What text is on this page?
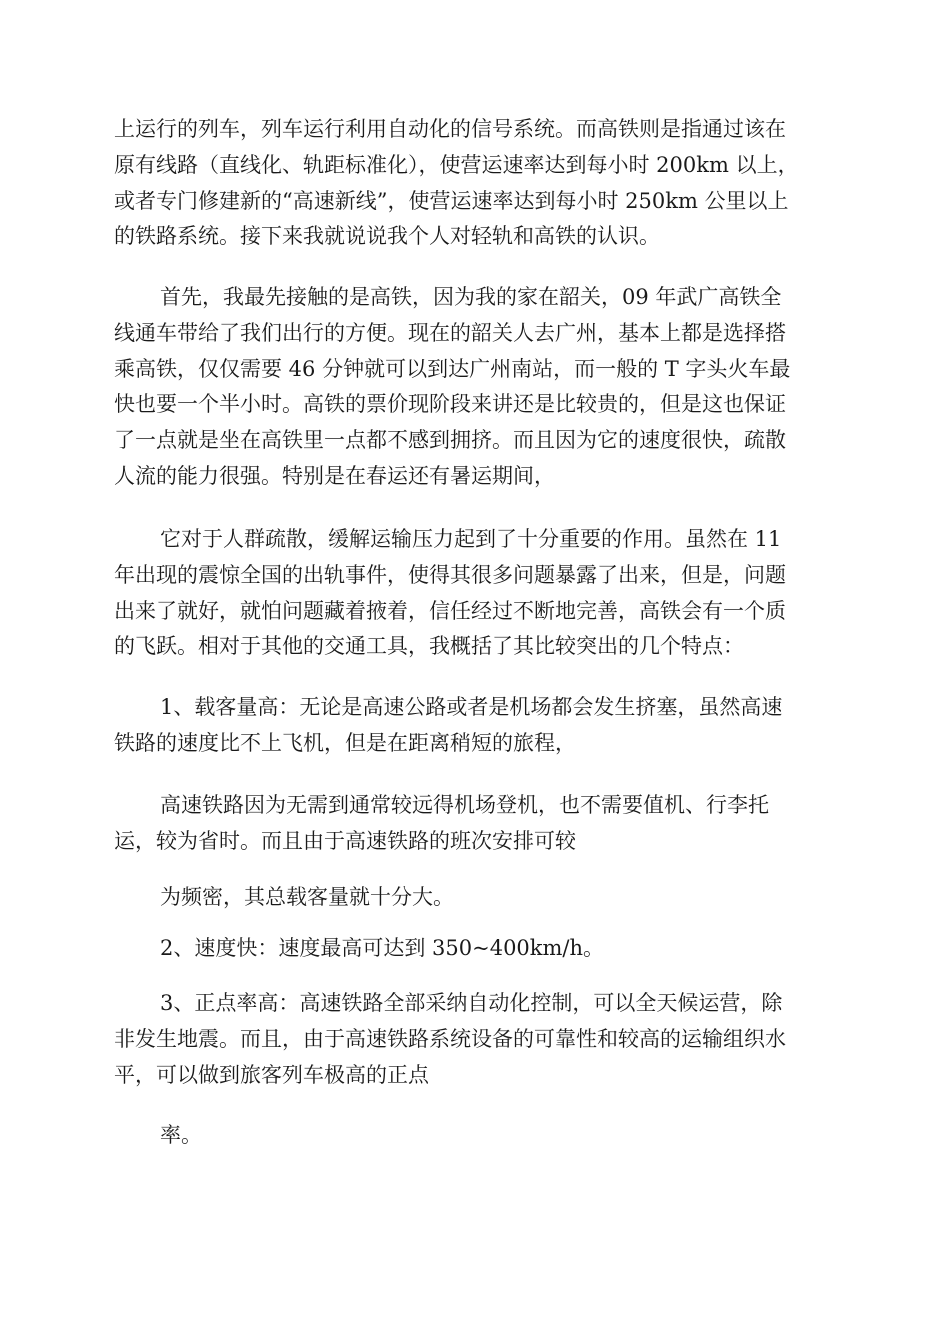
上运行的列车，列车运行利用自动化的信号系统。而高铁则是指通过该在
原有线路（直线化、轨距标准化），使营运速率达到每小时 200km 以上，
或者专门修建新的“高速新线”，使营运速率达到每小时 250km 公里以上
的铁路系统。接下来我就说说我个人对轻轨和高铁的认识。
首先，我最先接触的是高铁，因为我的家在韶关，09 年武广高铁全
线通车带给了我们出行的方便。现在的韶关人去广州，基本上都是选择搭
乘高铁，仅仅需要 46 分钟就可以到达广州南站，而一般的 T 字头火车最
快也要一个半小时。高铁的票价现阶段来讲还是比较贵的，但是这也保证
了一点就是坐在高铁里一点都不感到拥挤。而且因为它的速度很快，疏散
人流的能力很强。特别是在春运还有暑运期间，
它对于人群疏散，缓解运输压力起到了十分重要的作用。虽然在 11
年出现的震惊全国的出轨事件，使得其很多问题暴露了出来，但是，问题
出来了就好，就怕问题藏着掖着，信任经过不断地完善，高铁会有一个质
的飞跃。相对于其他的交通工具，我概括了其比较突出的几个特点：
1、载客量高：无论是高速公路或者是机场都会发生挤塞，虽然高速
铁路的速度比不上飞机，但是在距离稍短的旅程，
高速铁路因为无需到通常较远得机场登机，也不需要值机、行李托
运，较为省时。而且由于高速铁路的班次安排可较
为频密，其总载客量就十分大。
2、速度快：速度最高可达到 350~400km/h。
3、正点率高：高速铁路全部采纳自动化控制，可以全天候运营，除
非发生地震。而且，由于高速铁路系统设备的可靠性和较高的运输组织水
平，可以做到旅客列车极高的正点
率。
